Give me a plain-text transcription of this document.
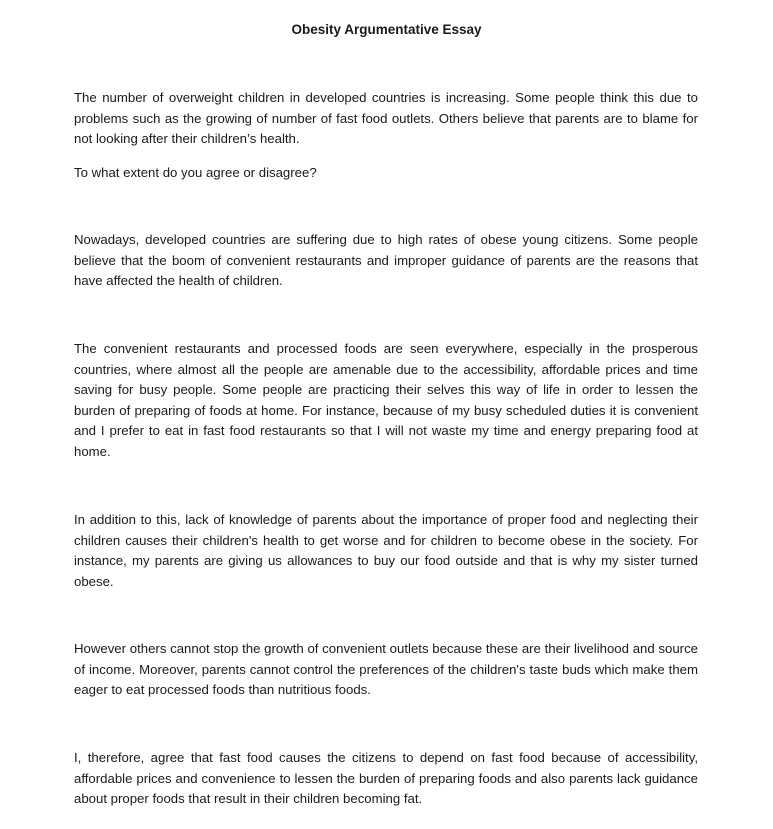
Obesity Argumentative Essay

The number of overweight children in developed countries is increasing. Some people think this due to problems such as the growing of number of fast food outlets. Others believe that parents are to blame for not looking after their children’s health.

To what extent do you agree or disagree?

Nowadays, developed countries are suffering due to high rates of obese young citizens. Some people believe that the boom of convenient restaurants and improper guidance of parents are the reasons that have affected the health of children.

The convenient restaurants and processed foods are seen everywhere, especially in the prosperous countries, where almost all the people are amenable due to the accessibility, affordable prices and time saving for busy people. Some people are practicing their selves this way of life in order to lessen the burden of preparing of foods at home. For instance, because of my busy scheduled duties it is convenient and I prefer to eat in fast food restaurants so that I will not waste my time and energy preparing food at home.

In addition to this, lack of knowledge of parents about the importance of proper food and neglecting their children causes their children's health to get worse and for children to become obese in the society. For instance, my parents are giving us allowances to buy our food outside and that is why my sister turned obese.

However others cannot stop the growth of convenient outlets because these are their livelihood and source of income. Moreover, parents cannot control the preferences of the children's taste buds which make them eager to eat processed foods than nutritious foods.

I, therefore, agree that fast food causes the citizens to depend on fast food because of accessibility, affordable prices and convenience to lessen the burden of preparing foods and also parents lack guidance about proper foods that result in their children becoming fat.
